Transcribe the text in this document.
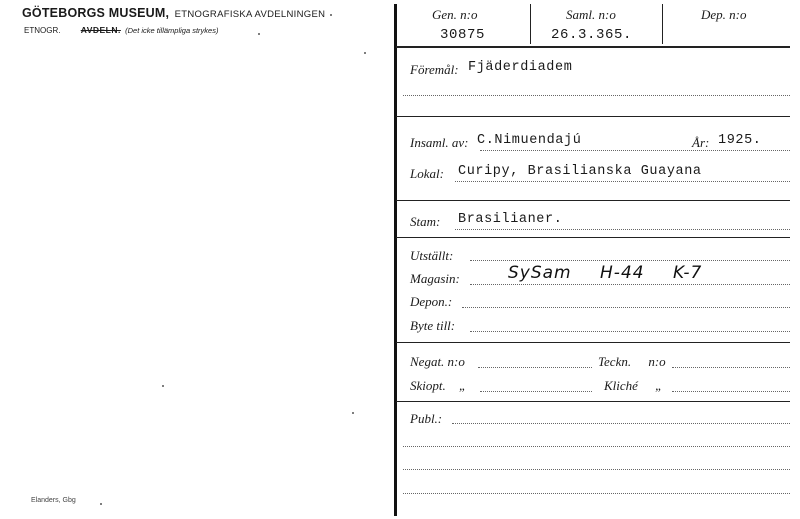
GÖTEBORGS MUSEUM, ETNOGRAFISKA AVDELNINGEN
ETNOGR. AVDELN. (Det icke tillämpliga strykes)
Elanders, Gbg
Gen. n:o
30875
Saml. n:o
26.3.365.
Dep. n:o
Föremål: Fjäderdiadem
Insaml. av: C.Nimuendajú	År: 1925.
Lokal: Curipy, Brasilianska Guayana
Stam: Brasilianer.
Utställt:
Magasin:	SySam H-44 K-7
Depon.:
Byte till:
Negat. n:o	Teckn. n:o
Skiopt. „	Kliché „
Publ.:
